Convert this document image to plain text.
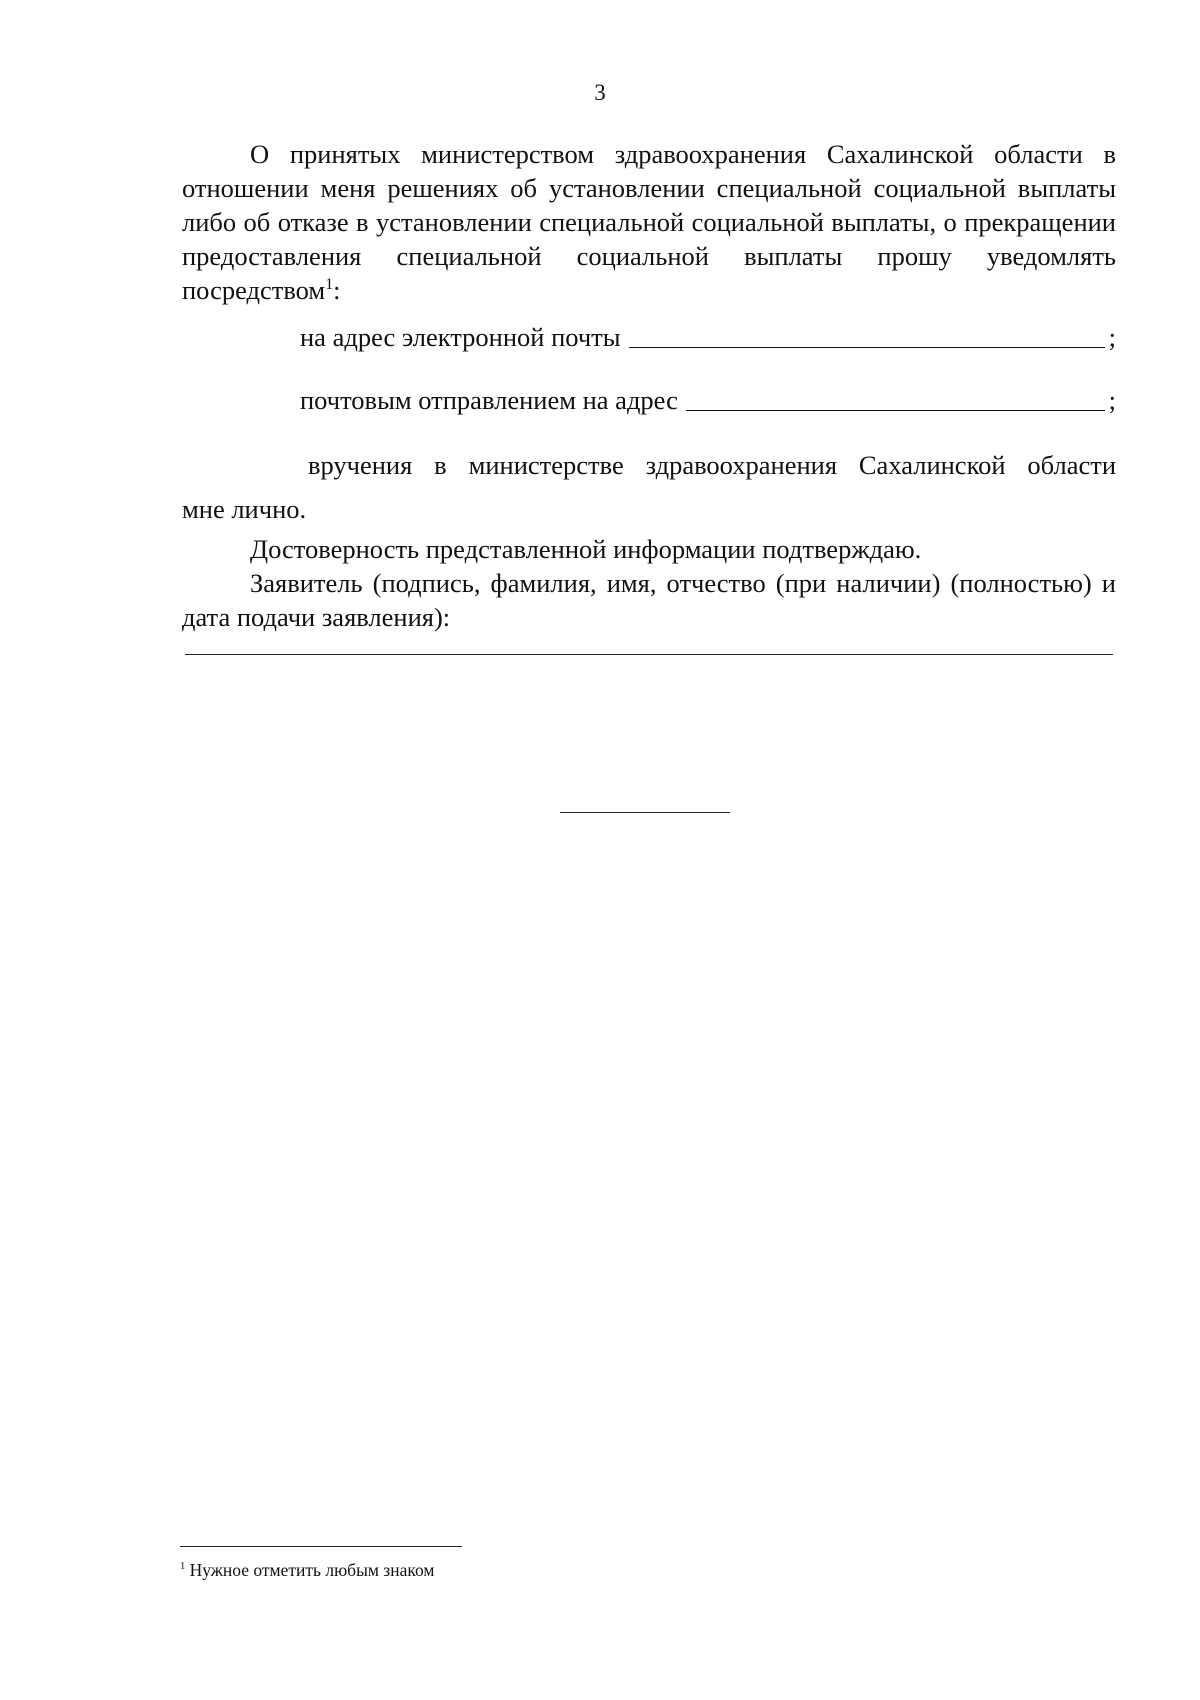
3
О принятых министерством здравоохранения Сахалинской области в отношении меня решениях об установлении специальной социальной выплаты либо об отказе в установлении специальной социальной выплаты, о прекращении предоставления специальной социальной выплаты прошу уведомлять посредством$^1$:
на адрес электронной почты	;
почтовым отправлением на адрес	;
вручения в министерстве здравоохранения Сахалинской области
мне лично.
Достоверность представленной информации подтверждаю.
Заявитель (подпись, фамилия, имя, отчество (при наличии) (полностью) и дата подачи заявления):
$^1$ Нужное отметить любым знаком
